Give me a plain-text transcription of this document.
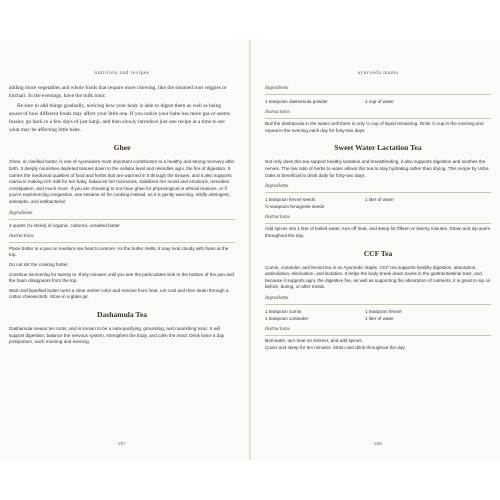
nutrition and recipes

adding more vegetables and whole foods that require more chewing, like the steamed root veggies or kitchari. In the evenings, have the milk tonic.

Be sure to add things gradually, noticing how your body is able to digest them as well as being aware of how different foods may affect your little one. If you notice your babe has more gas or seems fussier, go back to a few days of just kanji, and then slowly introduce just one recipe at a time to see what may be affecting little babe.

Ghee

Ghee, or clarified butter, is one of Ayurveda's most important contributors to a healthy and strong recovery after birth. It deeply nourishes depleted tissues down to the cellular level and rekindles agni, the fire of digestion. It carries the medicinal qualities of food and herbs that are warmed in it through the tissues, and it also supports mama in making rich milk for her baby, balances her hormones, stabilizes her mood and emotions, remedies constipation, and much more. If you are choosing to not have ghee for physiological or ethical reasons, or if you're experiencing congestion, use sesame oil for cooking instead, as it is gently warming, mildly astringent, antiseptic, and antibacterial.

Ingredients
2 quarts (¾ sticks) of organic, cultured, unsalted butter
Instructions

Place butter in a pan on medium-low heat to simmer. As the butter melts, it may look cloudy with foam at the top.

Do not stir the cooking butter.

Continue simmering for twenty to -thirty minutes until you see the particulates sink to the bottom of the pan and the foam disappears from the top.

Wait until liquefied butter turns a clear amber color and remove from heat. Let cool and then strain through a cotton cheesecloth. Store in a glass jar.

Dashamula Tea

Dashamula means ten roots, and is known to be a vata-pacifying, grounding, and nourishing tonic. It will support digestion, balance the nervous system, strengthen the body, and calm the mind. Drink twice a day postpartum, each morning and evening.

287
ayurveda mama
Ingredients
1 teaspoon dashamula powder	1 cup of water
Instructions

Boil the dashamula in the water until there is only ½ cup of liquid remaining. Drink ½ cup in the morning and repeat in the evening each day for forty-two days.

Sweet Water Lactation Tea

Not only does this tea support healthy lactation and breastfeeding, it also supports digestion and soothes the nerves. The low ratio of herbs to water allows this tea to stay hydrating rather than drying. This recipe by Usha Oaks is beneficial to drink daily for forty-two days.

Ingredients
1 teaspoon fennel seeds	1 liter of water
½ teaspoon fenugreek seeds
Instructions

Add spices into 1 liter of boiled water, turn off heat, and steep for fifteen or twenty minutes. Strain and sip warm throughout the day.

CCF Tea

Cumin, coriander, and fennel tea is an Ayurvedic staple. CCF tea supports healthy digestion, absorption, assimilation, elimination, and lactation. It helps the body break down toxins in the gastrointestinal tract, and because it supports agni, the digestive fire, as well as supporting the absorption of nutrients, it is great to sip on before, during, or after meals.

Ingredients
1 teaspoon cumin	1 teaspoon fennel
1 teaspoon coriander	1 liter of water
Instructions

Boil water, turn heat on simmer, and add spices.

Cover and steep for ten minutes. Strain and drink throughout the day.

288
